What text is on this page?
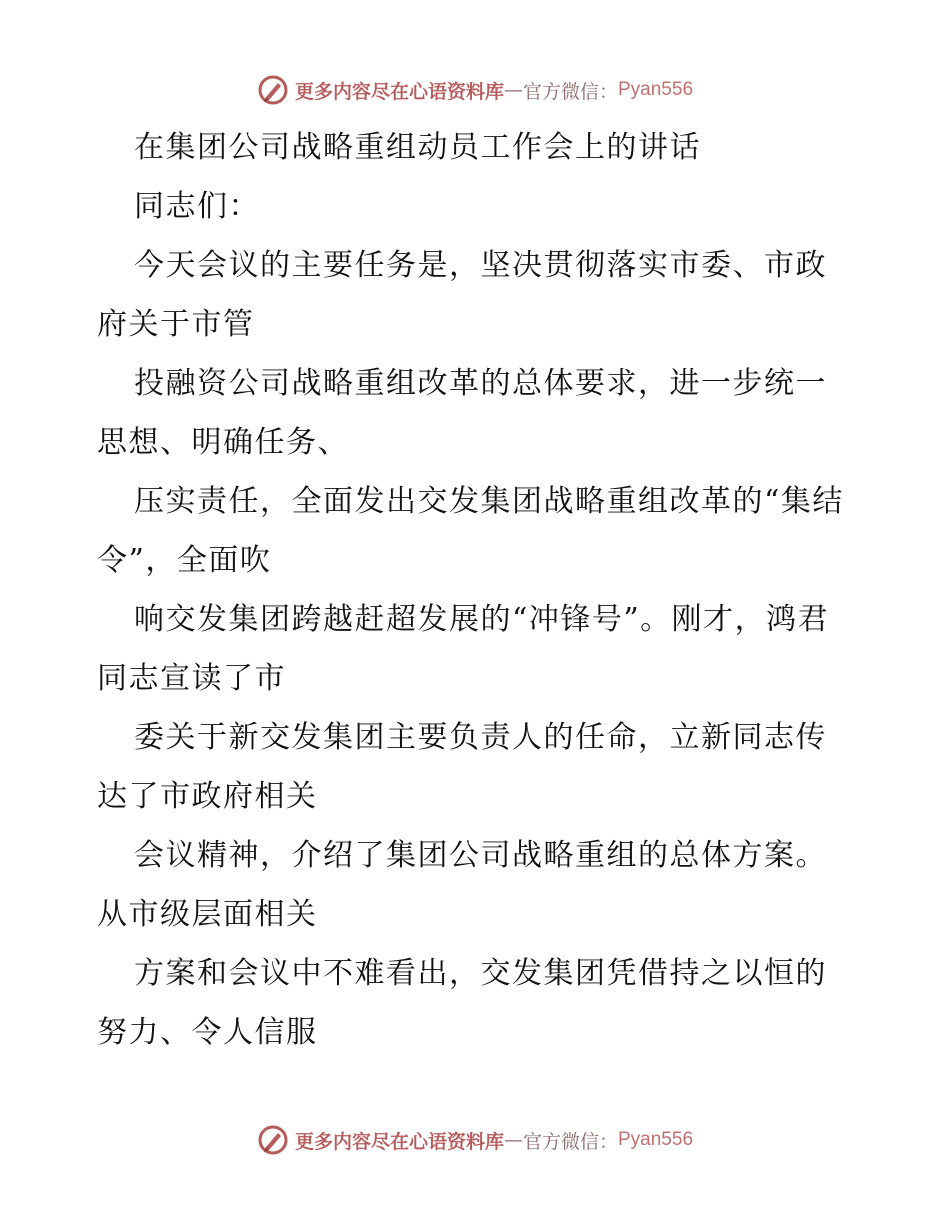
更多内容尽在心语资料库 — 官方微信： Pyan556

在集团公司战略重组动员工作会上的讲话

同志们：

今天会议的主要任务是，坚决贯彻落实市委、市政府关于市管

投融资公司战略重组改革的总体要求，进一步统一思想、明确任务、

压实责任，全面发出交发集团战略重组改革的“集结令”，全面吹

响交发集团跨越赶超发展的“冲锋号”。刚才，鸿君同志宣读了市

委关于新交发集团主要负责人的任命，立新同志传达了市政府相关

会议精神，介绍了集团公司战略重组的总体方案。从市级层面相关

方案和会议中不难看出，交发集团凭借持之以恒的努力、令人信服

更多内容尽在心语资料库 — 官方微信： Pyan556
